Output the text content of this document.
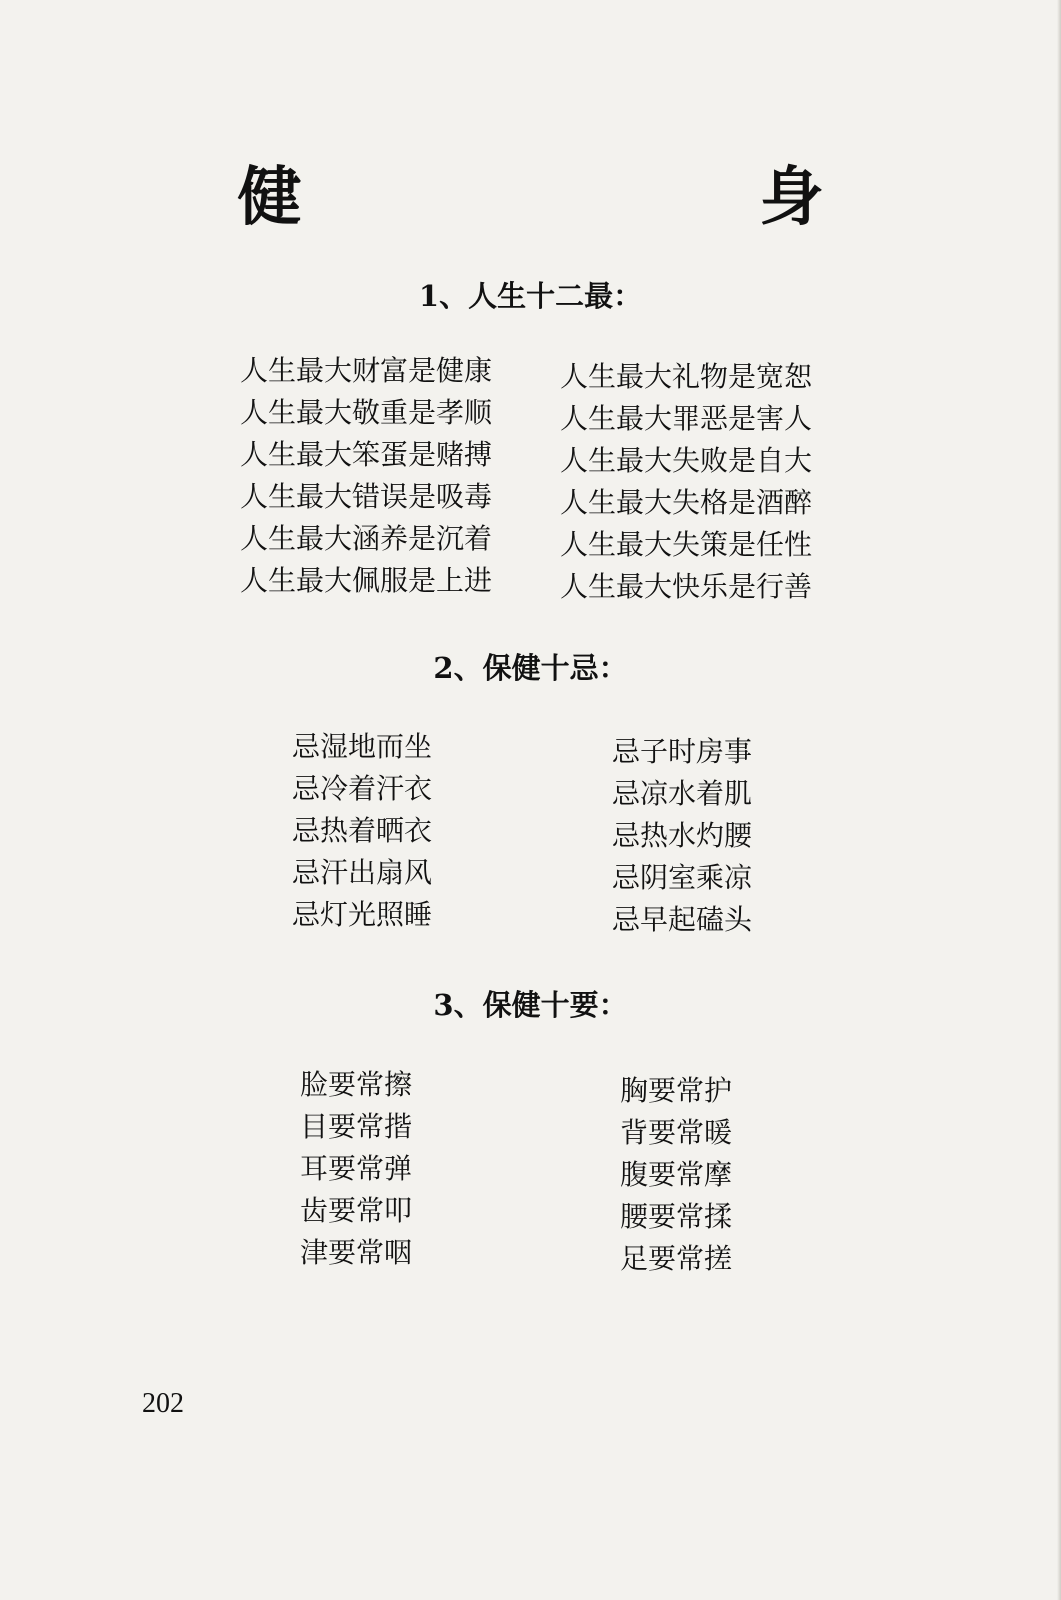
健　　身
1、人生十二最：
人生最大财富是健康
人生最大敬重是孝顺
人生最大笨蛋是赌搏
人生最大错误是吸毒
人生最大涵养是沉着
人生最大佩服是上进
人生最大礼物是宽恕
人生最大罪恶是害人
人生最大失败是自大
人生最大失格是酒醉
人生最大失策是任性
人生最大快乐是行善
2、保健十忌：
忌湿地而坐
忌冷着汗衣
忌热着晒衣
忌汗出扇风
忌灯光照睡
忌子时房事
忌凉水着肌
忌热水灼腰
忌阴室乘凉
忌早起磕头
3、保健十要：
脸要常擦
目要常揩
耳要常弹
齿要常叩
津要常咽
胸要常护
背要常暖
腹要常摩
腰要常揉
足要常搓
202
